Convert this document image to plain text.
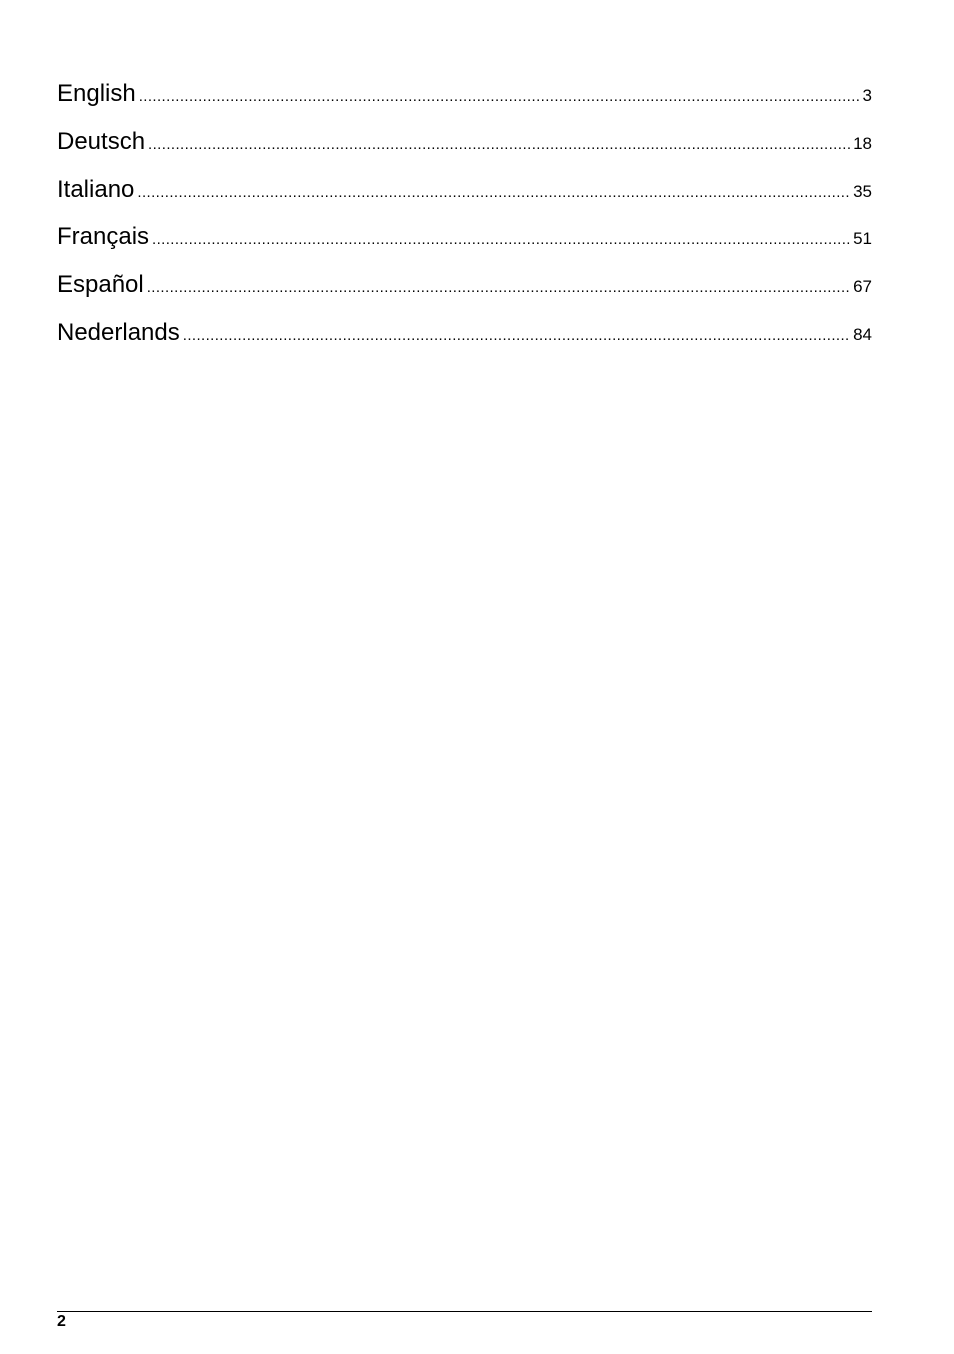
English .....	3
Deutsch .....	18
Italiano .....	35
Français .....	51
Español .....	67
Nederlands .....	84
2
